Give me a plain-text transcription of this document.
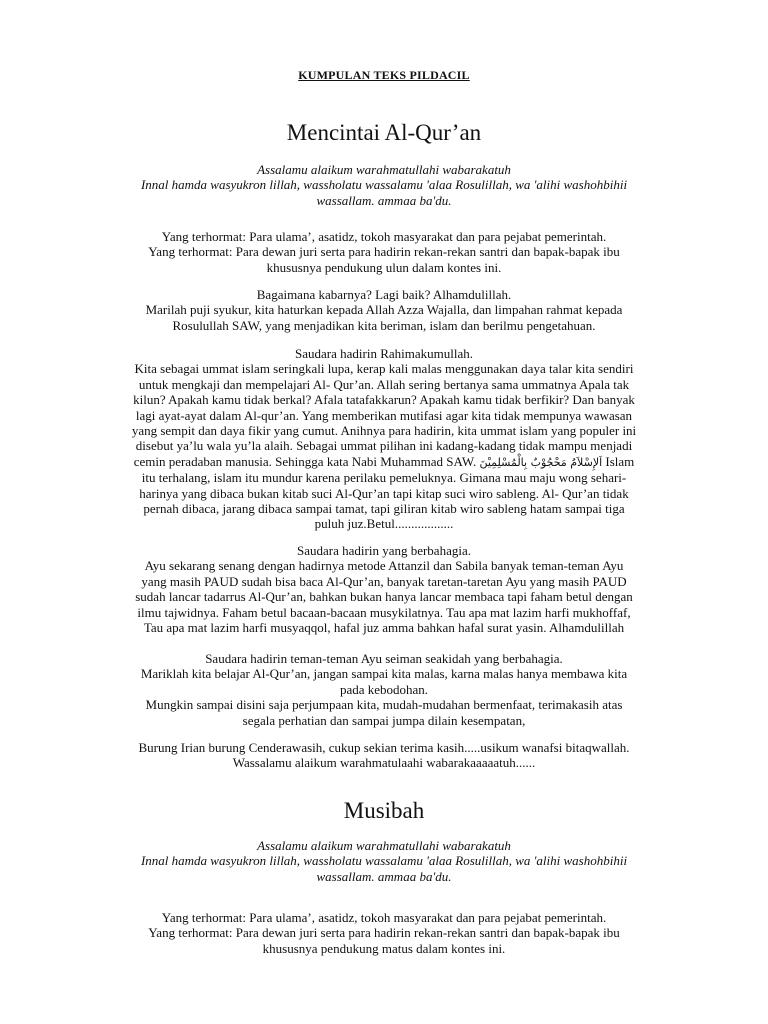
KUMPULAN TEKS PILDACIL
Mencintai Al-Qur’an
Assalamu alaikum warahmatullahi wabarakatuh
Innal hamda wasyukron lillah, wassholatu wassalamu 'alaa Rosulillah, wa 'alihi washohbihii
wassallam. ammaa ba'du.
Yang terhormat: Para ulama’, asatidz, tokoh masyarakat dan para pejabat pemerintah.
Yang terhormat: Para dewan juri serta para hadirin rekan-rekan santri dan bapak-bapak ibu
khususnya pendukung ulun dalam kontes ini.
Bagaimana kabarnya? Lagi baik? Alhamdulillah.
Marilah puji syukur, kita haturkan kepada Allah Azza Wajalla, dan limpahan rahmat kepada
Rosulullah SAW, yang menjadikan kita beriman, islam dan berilmu pengetahuan.
Saudara hadirin Rahimakumullah.
Kita sebagai ummat islam seringkali lupa, kerap kali malas menggunakan daya talar kita sendiri
untuk mengkaji dan mempelajari Al- Qur’an. Allah sering bertanya sama ummatnya Apala tak
kilun? Apakah kamu tidak berkal? Afala tatafakkarun? Apakah kamu tidak berfikir? Dan banyak
lagi ayat-ayat dalam Al-qur’an. Yang memberikan mutifasi agar kita tidak mempunya wawasan
yang sempit dan daya fikir yang cumut. Anihnya para hadirin, kita ummat islam yang populer ini
disebut ya’lu wala yu’la alaih. Sebagai ummat pilihan ini kadang-kadang tidak mampu menjadi
cemin peradaban manusia. Sehingga kata Nabi Muhammad SAW. اَلإِسْلاَمُ مَحْجُوْبٌ بِالْمُسْلِمِيْنَ Islam
itu terhalang, islam itu mundur karena perilaku pemeluknya. Gimana mau maju wong sehari-
harinya yang dibaca bukan kitab suci Al-Qur’an tapi kitap suci wiro sableng. Al- Qur’an tidak
pernah dibaca, jarang dibaca sampai tamat, tapi giliran kitab wiro sableng hatam sampai tiga
puluh juz.Betul..................
Saudara hadirin yang berbahagia.
Ayu sekarang senang dengan hadirnya metode Attanzil dan Sabila banyak teman-teman Ayu
yang masih PAUD sudah bisa baca Al-Qur’an, banyak taretan-taretan Ayu yang masih PAUD
sudah lancar tadarrus Al-Qur’an, bahkan bukan hanya lancar membaca tapi faham betul dengan
ilmu tajwidnya. Faham betul bacaan-bacaan musykilatnya. Tau apa mat lazim harfi mukhoffaf,
Tau apa mat lazim harfi musyaqqol, hafal juz amma bahkan hafal surat yasin. Alhamdulillah
Saudara hadirin teman-teman Ayu seiman seakidah yang berbahagia.
Mariklah kita belajar Al-Qur’an, jangan sampai kita malas, karna malas hanya membawa kita
pada kebodohan.
Mungkin sampai disini saja perjumpaan kita, mudah-mudahan bermenfaat, terimakasih atas
segala perhatian dan sampai jumpa dilain kesempatan,
Burung Irian burung Cenderawasih, cukup sekian terima kasih.....usikum wanafsi bitaqwallah.
Wassalamu alaikum warahmatulaahi wabarakaaaaatuh......
Musibah
Assalamu alaikum warahmatullahi wabarakatuh
Innal hamda wasyukron lillah, wassholatu wassalamu 'alaa Rosulillah, wa 'alihi washohbihii
wassallam. ammaa ba'du.
Yang terhormat: Para ulama’, asatidz, tokoh masyarakat dan para pejabat pemerintah.
Yang terhormat: Para dewan juri serta para hadirin rekan-rekan santri dan bapak-bapak ibu
khususnya pendukung matus dalam kontes ini.
